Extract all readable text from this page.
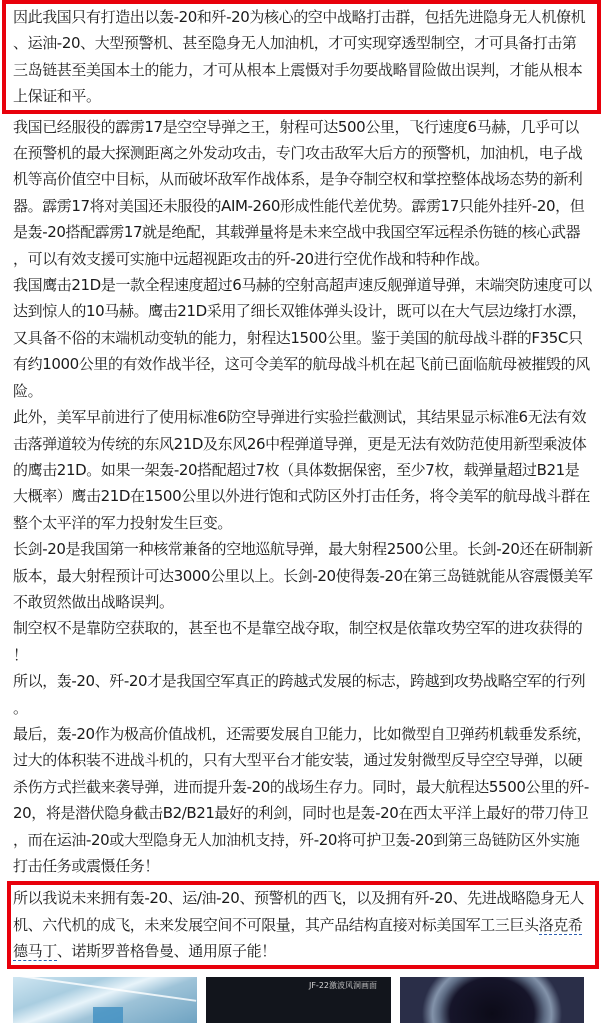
因此我国只有打造出以轰-20和歼-20为核心的空中战略打击群，包括先进隐身无人机僚机、运油-20、大型预警机、甚至隐身无人加油机，才可实现穿透型制空，才可具备打击第三岛链甚至美国本土的能力，才可从根本上震慑对手勿要战略冒险做出误判，才能从根本上保证和平。

我国已经服役的霹雳17是空空导弹之王，射程可达500公里，飞行速度6马赫，几乎可以在预警机的最大探测距离之外发动攻击，专门攻击敌军大后方的预警机，加油机，电子战机等高价值空中目标，从而破坏敌军作战体系，是争夺制空权和掌控整体战场态势的新利器。霹雳17将对美国还未服役的AIM-260形成性能代差优势。霹雳17只能外挂歼-20，但是轰-20搭配霹雳17就是绝配，其载弹量将是未来空战中我国空军远程杀伤链的核心武器，可以有效支援可实施中远超视距攻击的歼-20进行空优作战和特种作战。

我国鹰击21D是一款全程速度超过6马赫的空射高超声速反舰弹道导弹，末端突防速度可以达到惊人的10马赫。鹰击21D采用了细长双锥体弹头设计，既可以在大气层边缘打水漂，又具备不俗的末端机动变轨的能力，射程达1500公里。鉴于美国的航母战斗群的F35C只有约1000公里的有效作战半径，这可令美军的航母战斗机在起飞前已面临航母被摧毁的风险。

此外，美军早前进行了使用标准6防空导弹进行实验拦截测试，其结果显示标准6无法有效击落弹道较为传统的东风21D及东风26中程弹道导弹，更是无法有效防范使用新型乘波体的鹰击21D。如果一架轰-20搭配超过7枚（具体数据保密，至少7枚，载弹量超过B21是大概率）鹰击21D在1500公里以外进行饱和式防区外打击任务，将令美军的航母战斗群在整个太平洋的军力投射发生巨变。

长剑-20是我国第一种核常兼备的空地巡航导弹，最大射程2500公里。长剑-20还在研制新版本，最大射程预计可达3000公里以上。长剑-20使得轰-20在第三岛链就能从容震慑美军不敢贸然做出战略误判。

制空权不是靠防空获取的，甚至也不是靠空战夺取，制空权是依靠攻势空军的进攻获得的！

所以，轰-20、歼-20才是我国空军真正的跨越式发展的标志，跨越到攻势战略空军的行列。

最后，轰-20作为极高价值战机，还需要发展自卫能力，比如微型自卫弹药机载垂发系统，过大的体积装不进战斗机的，只有大型平台才能安装，通过发射微型反导空空导弹，以硬杀伤方式拦截来袭导弹，进而提升轰-20的战场生存力。同时，最大航程达5500公里的歼-20，将是潜伏隐身截击B2/B21最好的利剑，同时也是轰-20在西太平洋上最好的带刀侍卫，而在运油-20或大型隐身无人加油机支持，歼-20将可护卫轰-20到第三岛链防区外实施打击任务或震慑任务！

所以我说未来拥有轰-20、运/油-20、预警机的西飞，以及拥有歼-20、先进战略隐身无人机、六代机的成飞，未来发展空间不可限量，其产品结构直接对标美国军工三巨头洛克希德马丁、诺斯罗普格鲁曼、通用原子能！

JF-22激波风洞画面
